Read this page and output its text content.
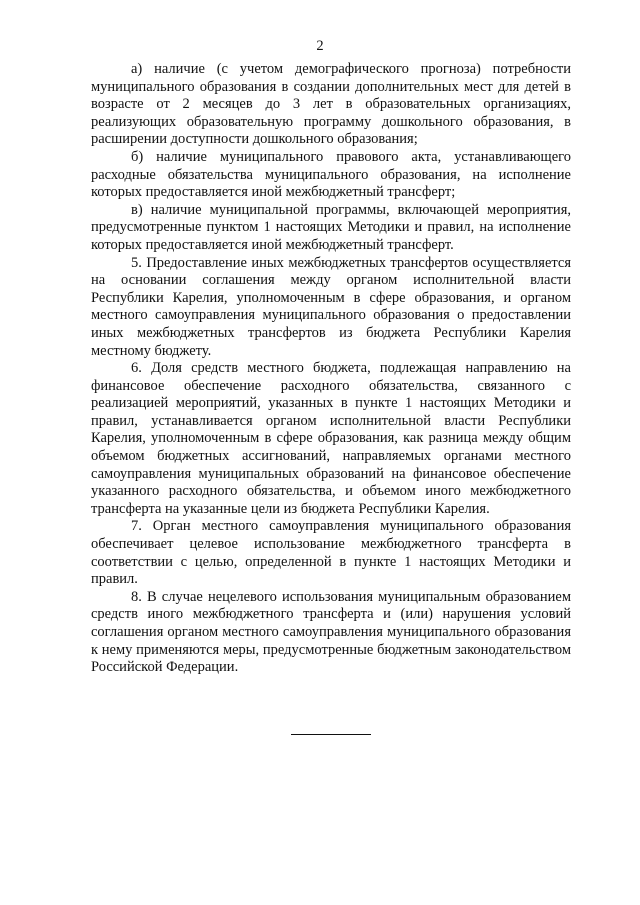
2

а) наличие (с учетом демографического прогноза) потребности муниципального образования в создании дополнительных мест для детей в возрасте от 2 месяцев до 3 лет в образовательных организациях, реализующих образовательную программу дошкольного образования, в расширении доступности дошкольного образования;

б) наличие муниципального правового акта, устанавливающего расходные обязательства муниципального образования, на исполнение которых предоставляется иной межбюджетный трансферт;

в) наличие муниципальной программы, включающей мероприятия, предусмотренные пунктом 1 настоящих Методики и правил, на исполнение которых предоставляется иной межбюджетный трансферт.

5. Предоставление иных межбюджетных трансфертов осуществляется на основании соглашения между органом исполнительной власти Республики Карелия, уполномоченным в сфере образования, и органом местного самоуправления муниципального образования о предоставлении иных межбюджетных трансфертов из бюджета Республики Карелия местному бюджету.

6. Доля средств местного бюджета, подлежащая направлению на финансовое обеспечение расходного обязательства, связанного с реализацией мероприятий, указанных в пункте 1 настоящих Методики и правил, устанавливается органом исполнительной власти Республики Карелия, уполномоченным в сфере образования, как разница между общим объемом бюджетных ассигнований, направляемых органами местного самоуправления муниципальных образований на финансовое обеспечение указанного расходного обязательства, и объемом иного межбюджетного трансферта на указанные цели из бюджета Республики Карелия.

7. Орган местного самоуправления муниципального образования обеспечивает целевое использование межбюджетного трансферта в соответствии с целью, определенной в пункте 1 настоящих Методики и правил.

8. В случае нецелевого использования муниципальным образованием средств иного межбюджетного трансферта и (или) нарушения условий соглашения органом местного самоуправления муниципального образования к нему применяются меры, предусмотренные бюджетным законодательством Российской Федерации.
